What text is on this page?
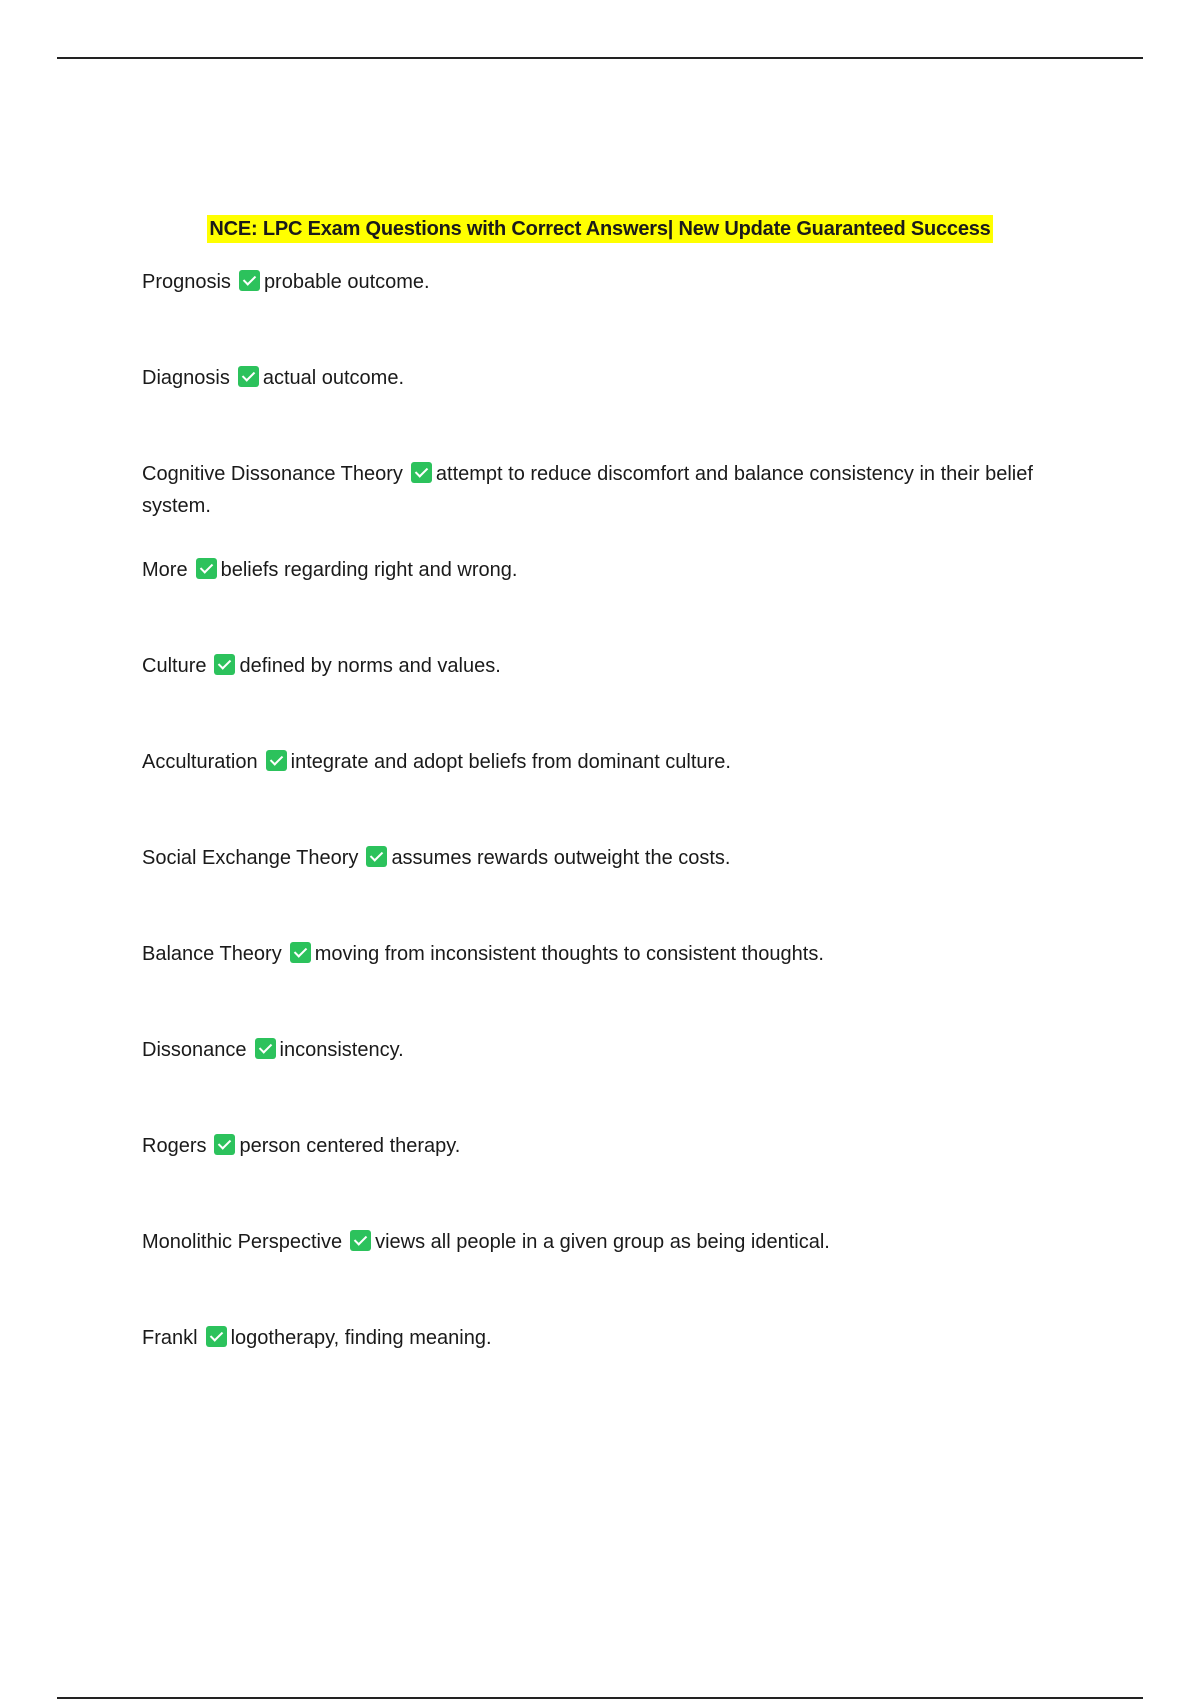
NCE: LPC Exam Questions with Correct Answers| New Update Guaranteed Success

Prognosis probable outcome.

Diagnosis actual outcome.

Cognitive Dissonance Theory attempt to reduce discomfort and balance consistency in their belief system.

More beliefs regarding right and wrong.

Culture defined by norms and values.

Acculturation integrate and adopt beliefs from dominant culture.

Social Exchange Theory assumes rewards outweight the costs.

Balance Theory moving from inconsistent thoughts to consistent thoughts.

Dissonance inconsistency.

Rogers person centered therapy.

Monolithic Perspective views all people in a given group as being identical.

Frankl logotherapy, finding meaning.
